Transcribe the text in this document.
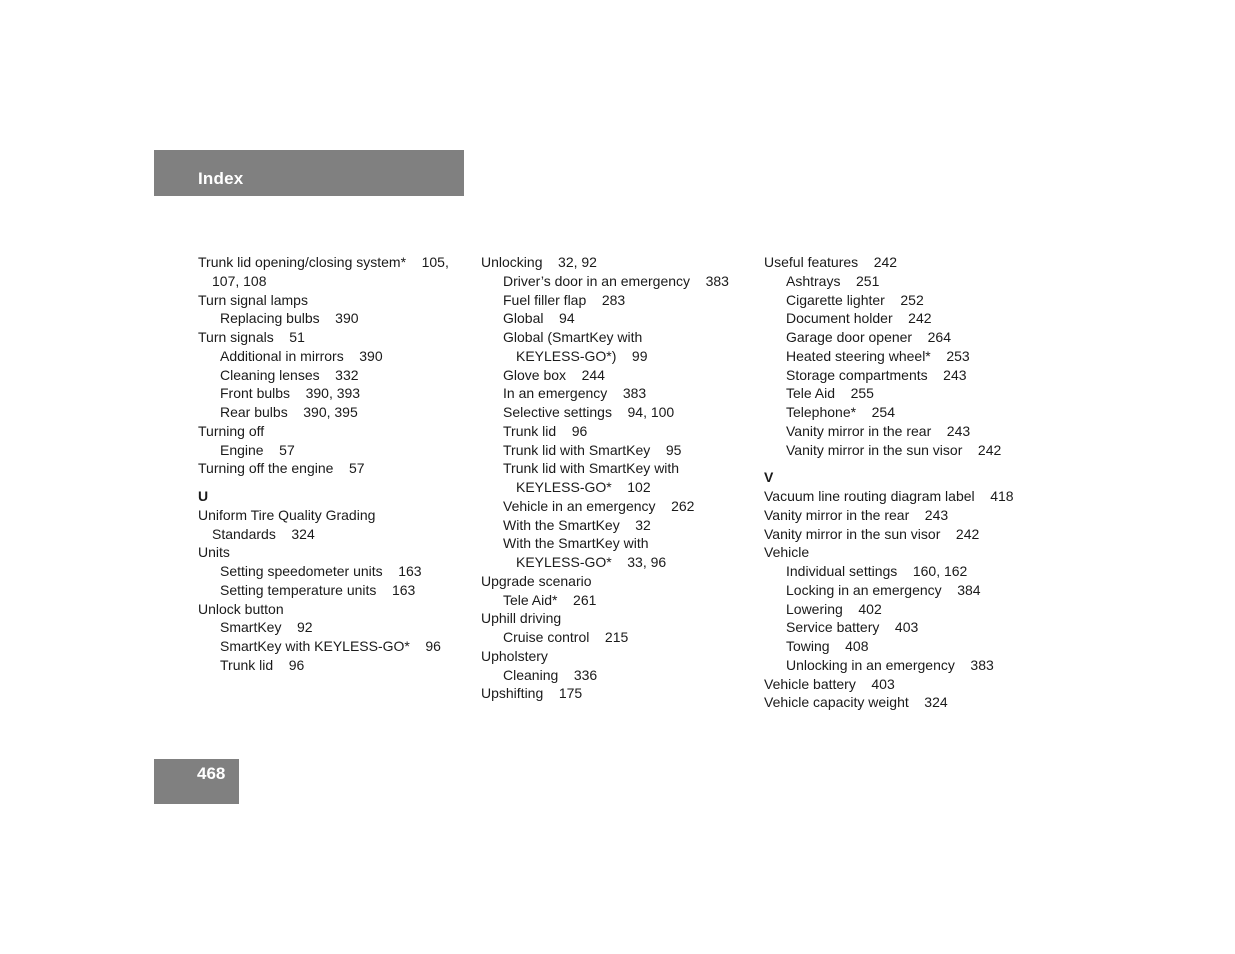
Index
Trunk lid opening/closing system*    105,
107, 108
Turn signal lamps
Replacing bulbs    390
Turn signals    51
Additional in mirrors    390
Cleaning lenses    332
Front bulbs    390, 393
Rear bulbs    390, 395
Turning off
Engine    57
Turning off the engine    57
U
Uniform Tire Quality Grading
Standards    324
Units
Setting speedometer units    163
Setting temperature units    163
Unlock button
SmartKey    92
SmartKey with KEYLESS-GO*    96
Trunk lid    96
Unlocking    32, 92
Driver’s door in an emergency    383
Fuel filler flap    283
Global    94
Global (SmartKey with
KEYLESS-GO*)    99
Glove box    244
In an emergency    383
Selective settings    94, 100
Trunk lid    96
Trunk lid with SmartKey    95
Trunk lid with SmartKey with
KEYLESS-GO*    102
Vehicle in an emergency    262
With the SmartKey    32
With the SmartKey with
KEYLESS-GO*    33, 96
Upgrade scenario
Tele Aid*    261
Uphill driving
Cruise control    215
Upholstery
Cleaning    336
Upshifting    175
Useful features    242
Ashtrays    251
Cigarette lighter    252
Document holder    242
Garage door opener    264
Heated steering wheel*    253
Storage compartments    243
Tele Aid    255
Telephone*    254
Vanity mirror in the rear    243
Vanity mirror in the sun visor    242
V
Vacuum line routing diagram label    418
Vanity mirror in the rear    243
Vanity mirror in the sun visor    242
Vehicle
Individual settings    160, 162
Locking in an emergency    384
Lowering    402
Service battery    403
Towing    408
Unlocking in an emergency    383
Vehicle battery    403
Vehicle capacity weight    324
468
